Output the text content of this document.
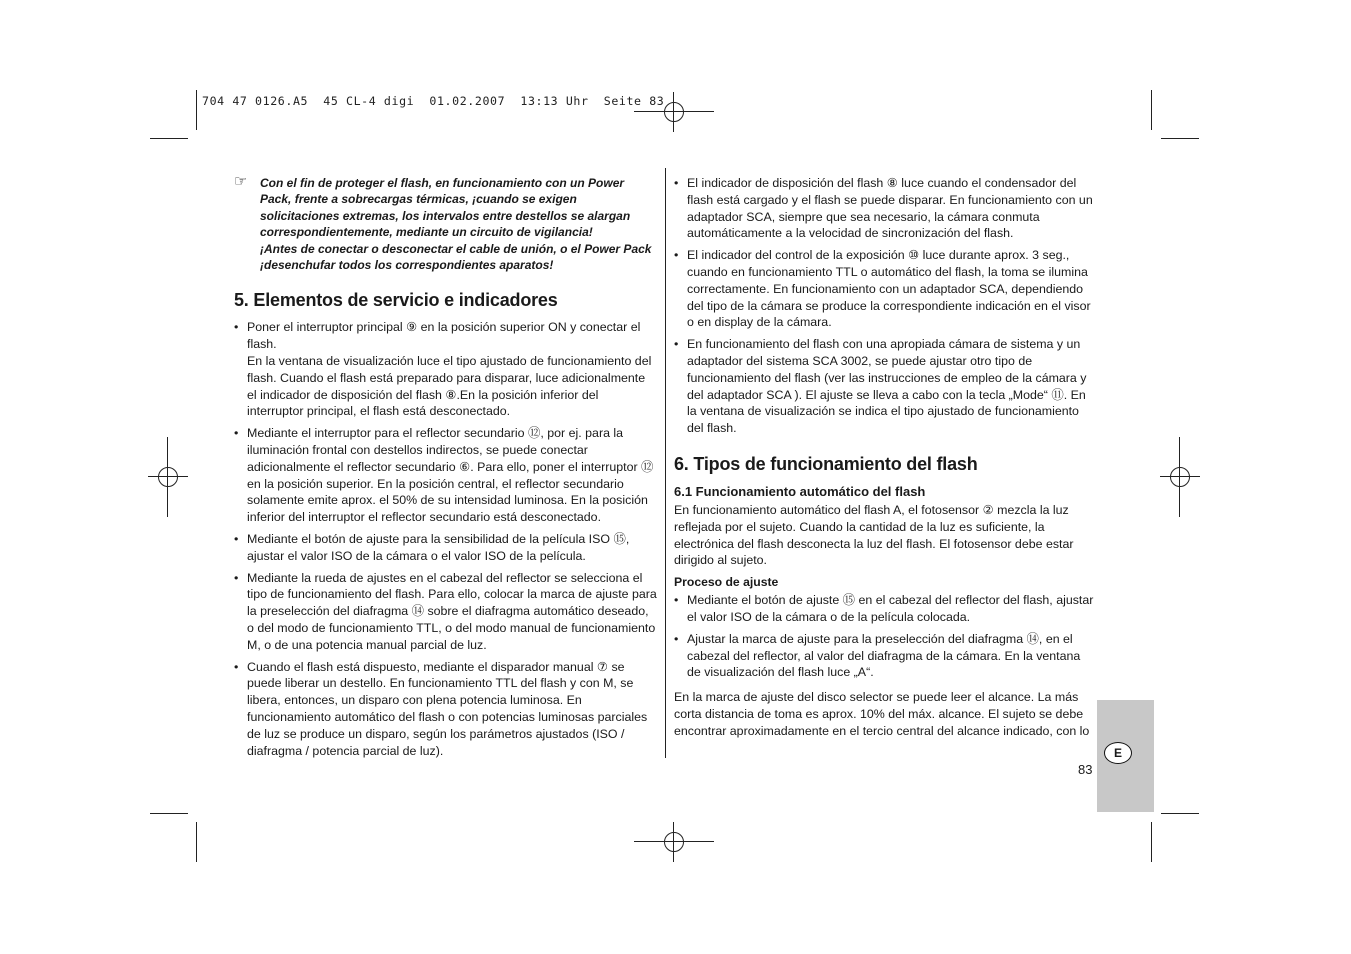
704 47 0126.A5  45 CL-4 digi  01.02.2007  13:13 Uhr  Seite 83
☞ Con el fin de proteger el flash, en funcionamiento con un Power Pack, frente a sobrecargas térmicas, ¡cuando se exigen solicitaciones extremas, los intervalos entre destellos se alargan correspondientemente, mediante un circuito de vigilancia!

¡Antes de conectar o desconectar el cable de unión, o el Power Pack ¡desenchufar todos los correspondientes aparatos!

5. Elementos de servicio e indicadores

• Poner el interruptor principal ⑨ en la posición superior ON y conectar el flash.

En la ventana de visualización luce el tipo ajustado de funcionamiento del flash. Cuando el flash está preparado para disparar, luce adicionalmente el indicador de disposición del flash ⑧.En la posición inferior del interruptor principal, el flash está desconectado.

• Mediante el interruptor para el reflector secundario ⑫, por ej. para la iluminación frontal con destellos indirectos, se puede conectar adicionalmente el reflector secundario ⑥. Para ello, poner el interruptor ⑫ en la posición superior. En la posición central, el reflector secundario solamente emite aprox. el 50% de su intensidad luminosa. En la posición inferior del interruptor el reflector secundario está desconectado.
• Mediante el botón de ajuste para la sensibilidad de la película ISO ⑮, ajustar el valor ISO de la cámara o el valor ISO de la película.
• Mediante la rueda de ajustes en el cabezal del reflector se selecciona el tipo de funcionamiento del flash. Para ello, colocar la marca de ajuste para la preselección del diafragma ⑭ sobre el diafragma automático deseado, o del modo de funcionamiento TTL, o del modo manual de funcionamiento M, o de una potencia manual parcial de luz.
• Cuando el flash está dispuesto, mediante el disparador manual ⑦ se puede liberar un destello. En funcionamiento TTL del flash y con M, se libera, entonces, un disparo con plena potencia luminosa. En funcionamiento automático del flash o con potencias luminosas parciales de luz se produce un disparo, según los parámetros ajustados (ISO / diafragma / potencia parcial de luz).
• El indicador de disposición del flash ⑧ luce cuando el condensador del flash está cargado y el flash se puede disparar. En funcionamiento con un adaptador SCA, siempre que sea necesario, la cámara conmuta automáticamente a la velocidad de sincronización del flash.
• El indicador del control de la exposición ⑩ luce durante aprox. 3 seg., cuando en funcionamiento TTL o automático del flash, la toma se ilumina correctamente. En funcionamiento con un adaptador SCA, dependiendo del tipo de la cámara se produce la correspondiente indicación en el visor o en display de la cámara.
• En funcionamiento del flash con una apropiada cámara de sistema y un adaptador del sistema SCA 3002, se puede ajustar otro tipo de funcionamiento del flash (ver las instrucciones de empleo de la cámara y del adaptador SCA ). El ajuste se lleva a cabo con la tecla „Mode“ ⑪. En la ventana de visualización se indica el tipo ajustado de funcionamiento del flash.
6. Tipos de funcionamiento del flash
6.1 Funcionamiento automático del flash

En funcionamiento automático del flash A, el fotosensor ② mezcla la luz reflejada por el sujeto. Cuando la cantidad de la luz es suficiente, la electrónica del flash desconecta la luz del flash. El fotosensor debe estar dirigido al sujeto.

Proceso de ajuste
• Mediante el botón de ajuste ⑮ en el cabezal del reflector del flash, ajustar el valor ISO de la cámara o de la película colocada.
• Ajustar la marca de ajuste para la preselección del diafragma ⑭, en el cabezal del reflector, al valor del diafragma de la cámara. En la ventana de visualización del flash luce „A“.

En la marca de ajuste del disco selector se puede leer el alcance. La más corta distancia de toma es aprox. 10% del máx. alcance. El sujeto se debe encontrar aproximadamente en el tercio central del alcance indicado, con lo

E
83
